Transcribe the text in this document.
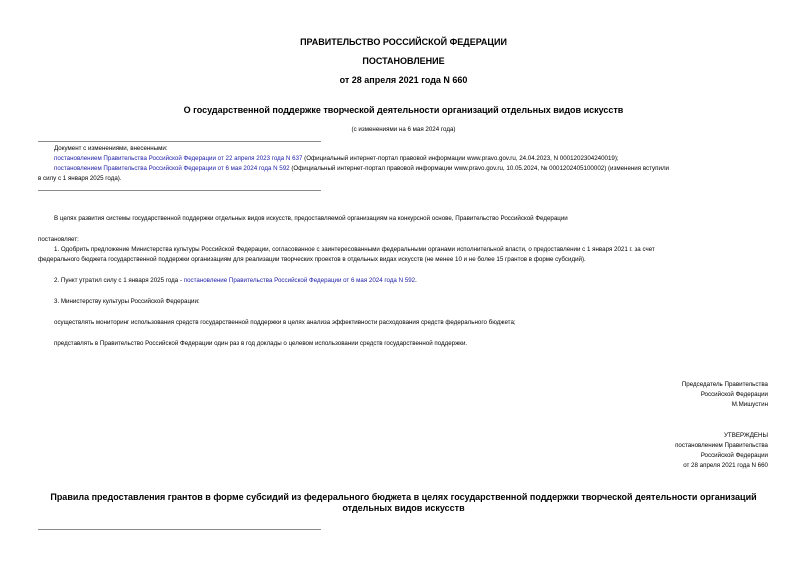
ПРАВИТЕЛЬСТВО РОССИЙСКОЙ ФЕДЕРАЦИИ
ПОСТАНОВЛЕНИЕ
от 28 апреля 2021 года N 660
О государственной поддержке творческой деятельности организаций отдельных видов искусств
(с изменениями на 6 мая 2024 года)
Документ с изменениями, внесенными:
постановлением Правительства Российской Федерации от 22 апреля 2023 года N 637 (Официальный интернет-портал правовой информации www.pravo.gov.ru, 24.04.2023, N 0001202304240019);
постановлением Правительства Российской Федерации от 6 мая 2024 года N 592 (Официальный интернет-портал правовой информации www.pravo.gov.ru, 10.05.2024, № 0001202405100002) (изменения вступили
в силу с 1 января 2025 года).
В целях развития системы государственной поддержки отдельных видов искусств, предоставляемой организациям на конкурсной основе, Правительство Российской Федерации
постановляет:
1. Одобрить предложение Министерства культуры Российской Федерации, согласованное с заинтересованными федеральными органами исполнительной власти, о предоставлении с 1 января 2021 г. за счет
федерального бюджета государственной поддержки организациям для реализации творческих проектов в отдельных видах искусств (не менее 10 и не более 15 грантов в форме субсидий).
2. Пункт утратил силу с 1 января 2025 года - постановление Правительства Российской Федерации от 6 мая 2024 года N 592.
3. Министерству культуры Российской Федерации:
осуществлять мониторинг использования средств государственной поддержки в целях анализа эффективности расходования средств федерального бюджета;
представлять в Правительство Российской Федерации один раз в год доклады о целевом использовании средств государственной поддержки.
Председатель Правительства
Российской Федерации
М.Мишустин
УТВЕРЖДЕНЫ
постановлением Правительства
Российской Федерации
от 28 апреля 2021 года N 660
Правила предоставления грантов в форме субсидий из федерального бюджета в целях государственной поддержки творческой деятельности организаций
отдельных видов искусств
